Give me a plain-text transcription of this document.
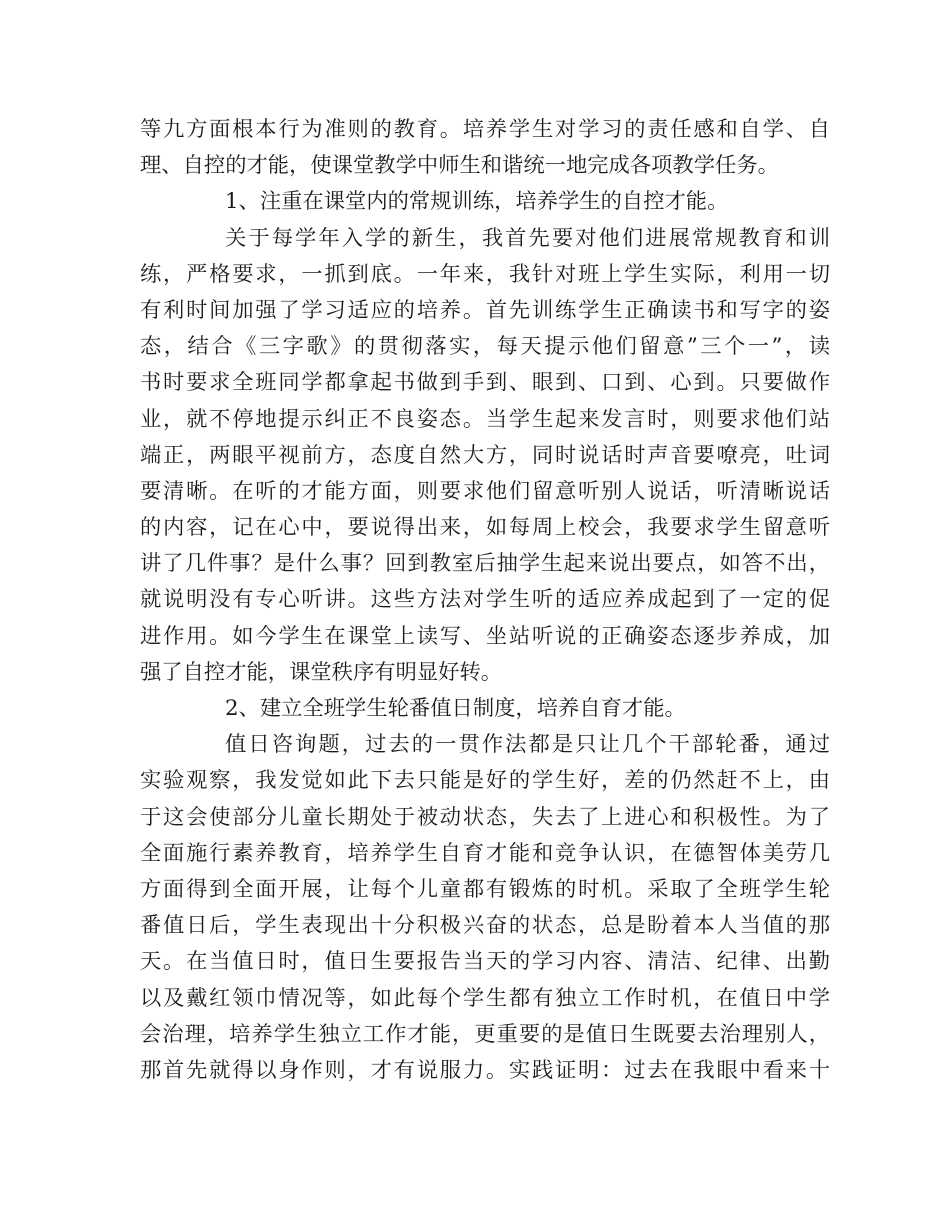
等九方面根本行为准则的教育。培养学生对学习的责任感和自学、自
理、自控的才能，使课堂教学中师生和谐统一地完成各项教学任务。
1、注重在课堂内的常规训练，培养学生的自控才能。
关于每学年入学的新生，我首先要对他们进展常规教育和训
练，严格要求，一抓到底。一年来，我针对班上学生实际，利用一切
有利时间加强了学习适应的培养。首先训练学生正确读书和写字的姿
态，结合《三字歌》的贯彻落实，每天提示他们留意”三个一”，读
书时要求全班同学都拿起书做到手到、眼到、口到、心到。只要做作
业，就不停地提示纠正不良姿态。当学生起来发言时，则要求他们站
端正，两眼平视前方，态度自然大方，同时说话时声音要嘹亮，吐词
要清晰。在听的才能方面，则要求他们留意听别人说话，听清晰说话
的内容，记在心中，要说得出来，如每周上校会，我要求学生留意听
讲了几件事？是什么事？回到教室后抽学生起来说出要点，如答不出，
就说明没有专心听讲。这些方法对学生听的适应养成起到了一定的促
进作用。如今学生在课堂上读写、坐站听说的正确姿态逐步养成，加
强了自控才能，课堂秩序有明显好转。
2、建立全班学生轮番值日制度，培养自育才能。
值日咨询题，过去的一贯作法都是只让几个干部轮番，通过
实验观察，我发觉如此下去只能是好的学生好，差的仍然赶不上，由
于这会使部分儿童长期处于被动状态，失去了上进心和积极性。为了
全面施行素养教育，培养学生自育才能和竞争认识，在德智体美劳几
方面得到全面开展，让每个儿童都有锻炼的时机。采取了全班学生轮
番值日后，学生表现出十分积极兴奋的状态，总是盼着本人当值的那
天。在当值日时，值日生要报告当天的学习内容、清洁、纪律、出勤
以及戴红领巾情况等，如此每个学生都有独立工作时机，在值日中学
会治理，培养学生独立工作才能，更重要的是值日生既要去治理别人，
那首先就得以身作则，才有说服力。实践证明：过去在我眼中看来十
